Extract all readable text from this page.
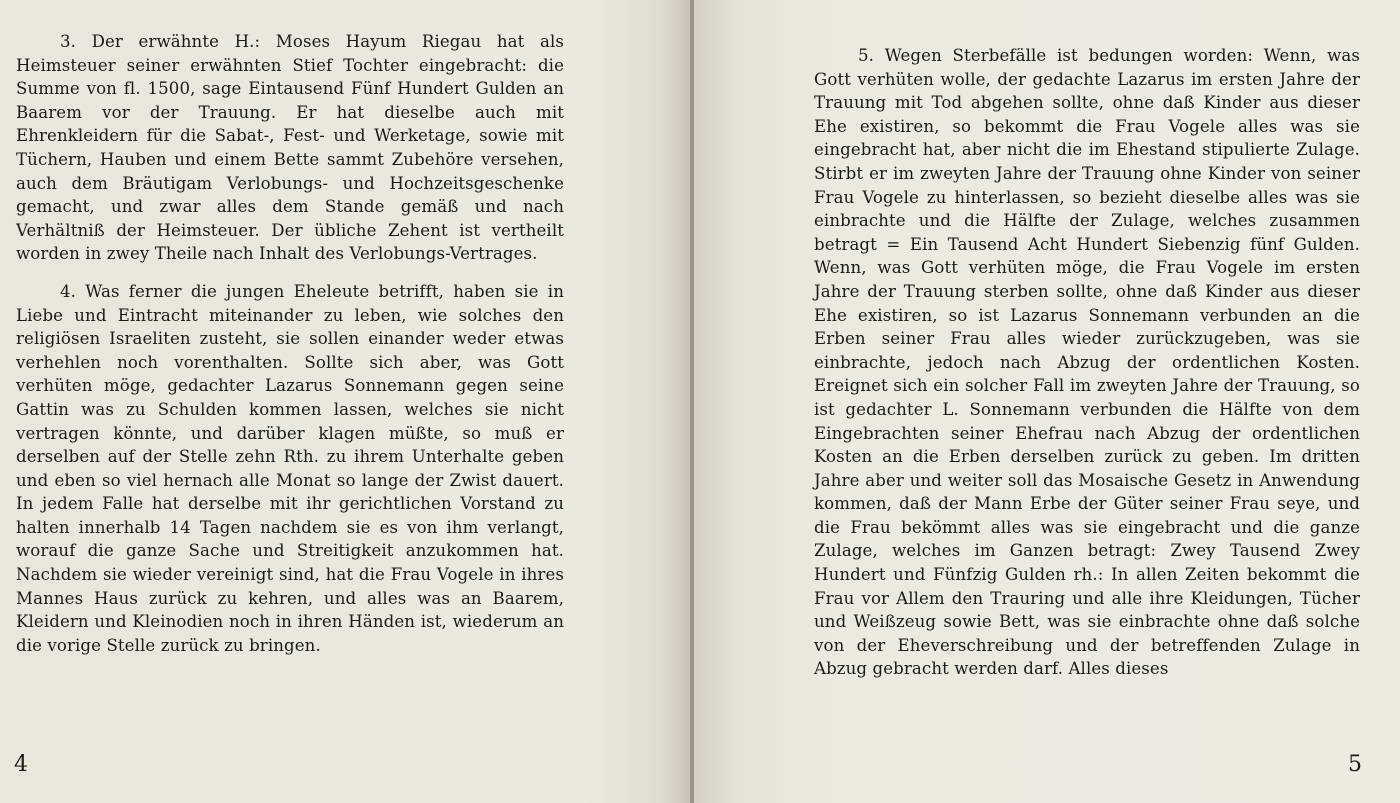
3. Der erwähnte H.: Moses Hayum Riegau hat als Heimsteuer seiner erwähnten Stief Tochter eingebracht: die Summe von fl. 1500, sage Eintausend Fünf Hundert Gulden an Baarem vor der Trauung. Er hat dieselbe auch mit Ehrenkleidern für die Sabat-, Fest- und Werketage, sowie mit Tüchern, Hauben und einem Bette sammt Zubehöre versehen, auch dem Bräutigam Verlobungs- und Hochzeitsgeschenke gemacht, und zwar alles dem Stande gemäß und nach Verhältniß der Heimsteuer. Der übliche Zehent ist vertheilt worden in zwey Theile nach Inhalt des Verlobungs-Vertrages.

4. Was ferner die jungen Eheleute betrifft, haben sie in Liebe und Eintracht miteinander zu leben, wie solches den religiösen Israeliten zusteht, sie sollen einander weder etwas verhehlen noch vorenthalten. Sollte sich aber, was Gott verhüten möge, gedachter Lazarus Sonnemann gegen seine Gattin was zu Schulden kommen lassen, welches sie nicht vertragen könnte, und darüber klagen müßte, so muß er derselben auf der Stelle zehn Rth. zu ihrem Unterhalte geben und eben so viel hernach alle Monat so lange der Zwist dauert. In jedem Falle hat derselbe mit ihr gerichtlichen Vorstand zu halten innerhalb 14 Tagen nachdem sie es von ihm verlangt, worauf die ganze Sache und Streitigkeit anzukommen hat. Nachdem sie wieder vereinigt sind, hat die Frau Vogele in ihres Mannes Haus zurück zu kehren, und alles was an Baarem, Kleidern und Kleinodien noch in ihren Händen ist, wiederum an die vorige Stelle zurück zu bringen.

4

5. Wegen Sterbefälle ist bedungen worden: Wenn, was Gott verhüten wolle, der gedachte Lazarus im ersten Jahre der Trauung mit Tod abgehen sollte, ohne daß Kinder aus dieser Ehe existiren, so bekommt die Frau Vogele alles was sie eingebracht hat, aber nicht die im Ehestand stipulierte Zulage. Stirbt er im zweyten Jahre der Trauung ohne Kinder von seiner Frau Vogele zu hinterlassen, so bezieht dieselbe alles was sie einbrachte und die Hälfte der Zulage, welches zusammen betragt = Ein Tausend Acht Hundert Siebenzig fünf Gulden. Wenn, was Gott verhüten möge, die Frau Vogele im ersten Jahre der Trauung sterben sollte, ohne daß Kinder aus dieser Ehe existiren, so ist Lazarus Sonnemann verbunden an die Erben seiner Frau alles wieder zurückzugeben, was sie einbrachte, jedoch nach Abzug der ordentlichen Kosten. Ereignet sich ein solcher Fall im zweyten Jahre der Trauung, so ist gedachter L. Sonnemann verbunden die Hälfte von dem Eingebrachten seiner Ehefrau nach Abzug der ordentlichen Kosten an die Erben derselben zurück zu geben. Im dritten Jahre aber und weiter soll das Mosaische Gesetz in Anwendung kommen, daß der Mann Erbe der Güter seiner Frau seye, und die Frau bekömmt alles was sie eingebracht und die ganze Zulage, welches im Ganzen betragt: Zwey Tausend Zwey Hundert und Fünfzig Gulden rh.: In allen Zeiten bekommt die Frau vor Allem den Trauring und alle ihre Kleidungen, Tücher und Weißzeug sowie Bett, was sie einbrachte ohne daß solche von der Eheverschreibung und der betreffenden Zulage in Abzug gebracht werden darf. Alles dieses

5
